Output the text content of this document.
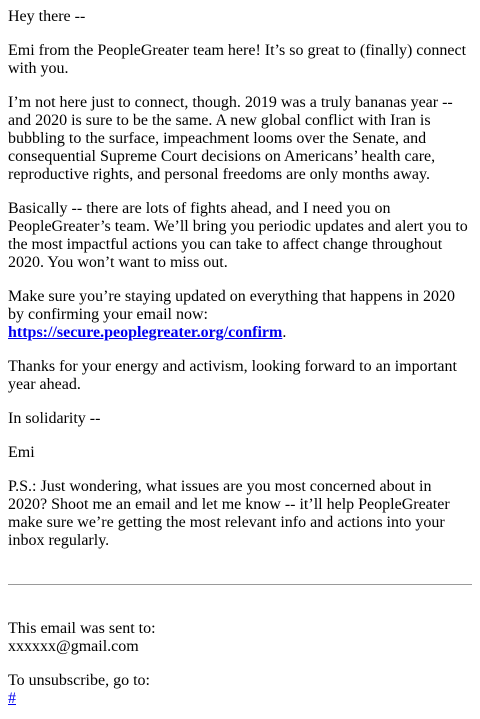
Hey there --

Emi from the PeopleGreater team here! It’s so great to (finally) connect with you.

I’m not here just to connect, though. 2019 was a truly bananas year -- and 2020 is sure to be the same. A new global conflict with Iran is bubbling to the surface, impeachment looms over the Senate, and consequential Supreme Court decisions on Americans’ health care, reproductive rights, and personal freedoms are only months away.

Basically -- there are lots of fights ahead, and I need you on PeopleGreater’s team. We’ll bring you periodic updates and alert you to the most impactful actions you can take to affect change throughout 2020. You won’t want to miss out.

Make sure you’re staying updated on everything that happens in 2020 by confirming your email now: https://secure.peoplegreater.org/confirm.

Thanks for your energy and activism, looking forward to an important year ahead.

In solidarity --

Emi

P.S.: Just wondering, what issues are you most concerned about in 2020? Shoot me an email and let me know -- it’ll help PeopleGreater make sure we’re getting the most relevant info and actions into your inbox regularly.

This email was sent to:
xxxxxx@gmail.com

To unsubscribe, go to:
#
